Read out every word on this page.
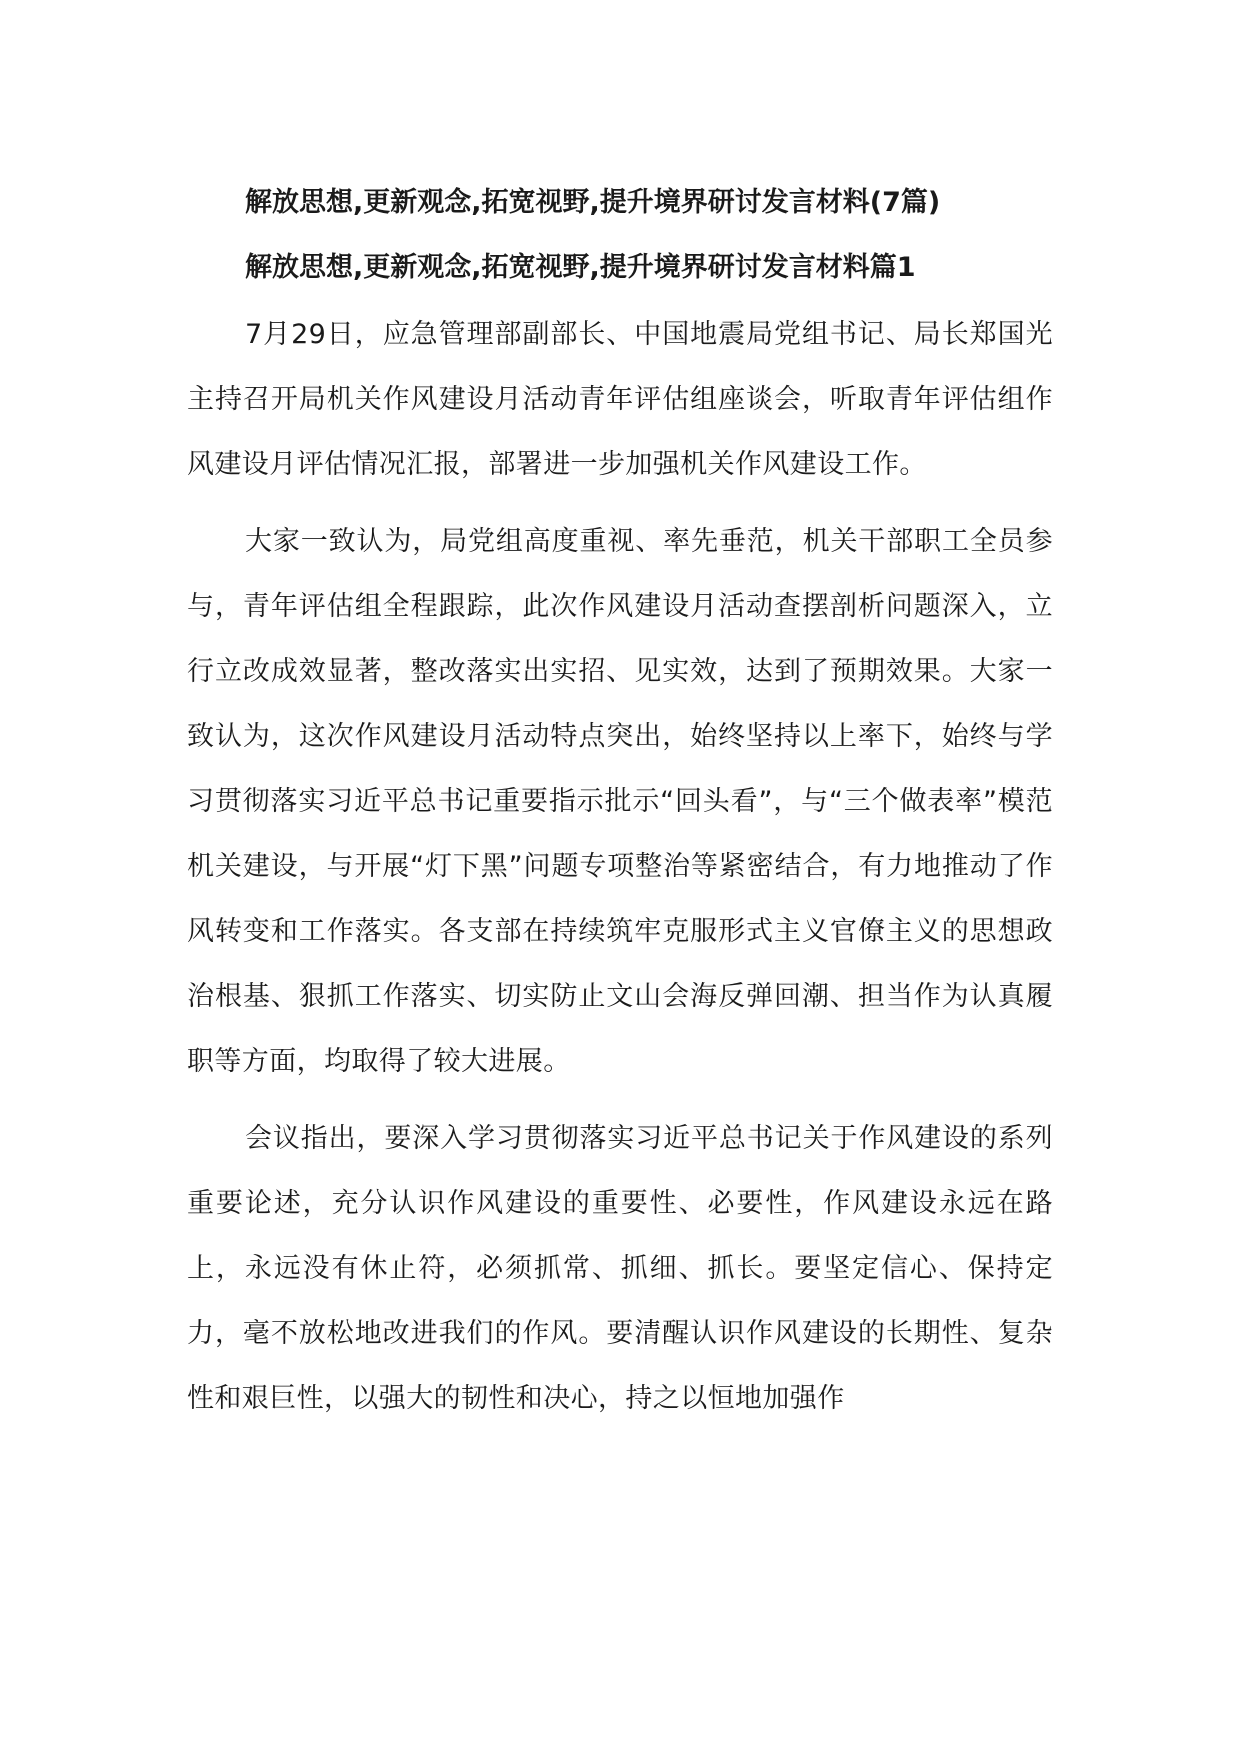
解放思想,更新观念,拓宽视野,提升境界研讨发言材料(7篇)
解放思想,更新观念,拓宽视野,提升境界研讨发言材料篇1

7月29日，应急管理部副部长、中国地震局党组书记、局长郑国光主持召开局机关作风建设月活动青年评估组座谈会，听取青年评估组作风建设月评估情况汇报，部署进一步加强机关作风建设工作。

大家一致认为，局党组高度重视、率先垂范，机关干部职工全员参与，青年评估组全程跟踪，此次作风建设月活动查摆剖析问题深入，立行立改成效显著，整改落实出实招、见实效，达到了预期效果。大家一致认为，这次作风建设月活动特点突出，始终坚持以上率下，始终与学习贯彻落实习近平总书记重要指示批示“回头看”，与“三个做表率”模范机关建设，与开展“灯下黑”问题专项整治等紧密结合，有力地推动了作风转变和工作落实。各支部在持续筑牢克服形式主义官僚主义的思想政治根基、狠抓工作落实、切实防止文山会海反弹回潮、担当作为认真履职等方面，均取得了较大进展。

会议指出，要深入学习贯彻落实习近平总书记关于作风建设的系列重要论述，充分认识作风建设的重要性、必要性，作风建设永远在路上，永远没有休止符，必须抓常、抓细、抓长。要坚定信心、保持定力，毫不放松地改进我们的作风。要清醒认识作风建设的长期性、复杂性和艰巨性，以强大的韧性和决心，持之以恒地加强作
